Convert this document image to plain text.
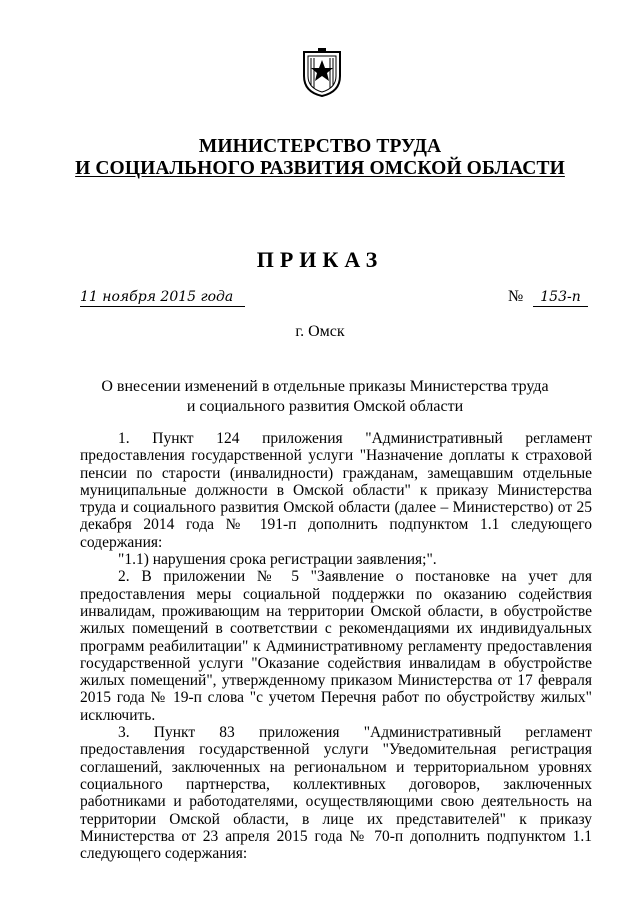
МИНИСТЕРСТВО ТРУДА
И СОЦИАЛЬНОГО РАЗВИТИЯ ОМСКОЙ ОБЛАСТИ
ПРИКАЗ
11 ноября 2015 года	№	153-п
г. Омск
О внесении изменений в отдельные приказы Министерства труда
и социального развития Омской области

1. Пункт 124 приложения "Административный регламент предоставления государственной услуги "Назначение доплаты к страховой пенсии по старости (инвалидности) гражданам, замещавшим отдельные муниципальные должности в Омской области" к приказу Министерства труда и социального развития Омской области (далее – Министерство) от 25 декабря 2014 года № 191-п дополнить подпунктом 1.1 следующего содержания:

"1.1) нарушения срока регистрации заявления;".

2. В приложении № 5 "Заявление о постановке на учет для предоставления меры социальной поддержки по оказанию содействия инвалидам, проживающим на территории Омской области, в обустройстве жилых помещений в соответствии с рекомендациями их индивидуальных программ реабилитации" к Административному регламенту предоставления государственной услуги "Оказание содействия инвалидам в обустройстве жилых помещений", утвержденному приказом Министерства от 17 февраля 2015 года № 19-п слова "с учетом Перечня работ по обустройству жилых" исключить.

3. Пункт 83 приложения "Административный регламент предоставления государственной услуги "Уведомительная регистрация соглашений, заключенных на региональном и территориальном уровнях социального партнерства, коллективных договоров, заключенных работниками и работодателями, осуществляющими свою деятельность на территории Омской области, в лице их представителей" к приказу Министерства от 23 апреля 2015 года № 70-п дополнить подпунктом 1.1 следующего содержания:
